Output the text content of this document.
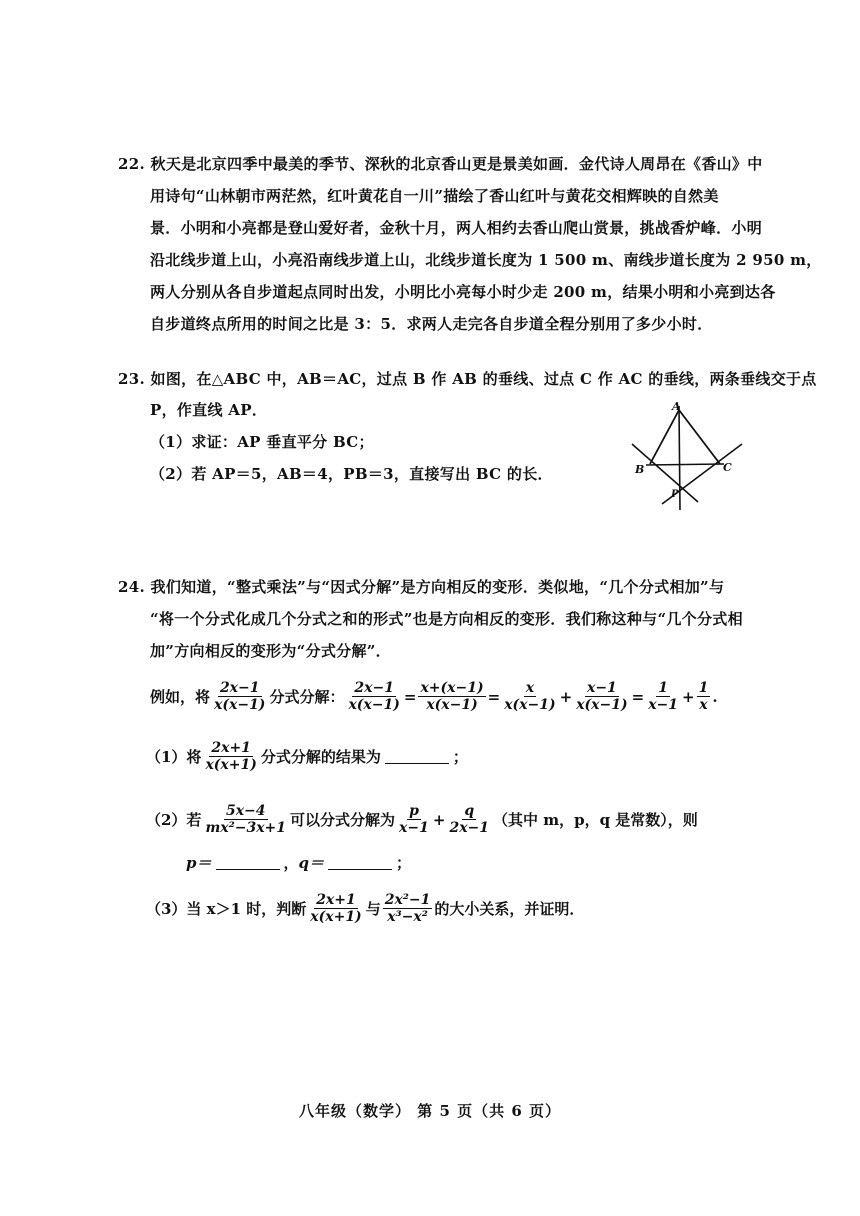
22. 秋天是北京四季中最美的季节、深秋的北京香山更是景美如画．金代诗人周昂在《香山》中
用诗句“山林朝市两茫然，红叶黄花自一川”描绘了香山红叶与黄花交相辉映的自然美
景．小明和小亮都是登山爱好者，金秋十月，两人相约去香山爬山赏景，挑战香炉峰．小明
沿北线步道上山，小亮沿南线步道上山，北线步道长度为 1 500 m、南线步道长度为 2 950 m，
两人分别从各自步道起点同时出发，小明比小亮每小时少走 200 m，结果小明和小亮到达各
自步道终点所用的时间之比是 3：5．求两人走完各自步道全程分别用了多少小时．
23. 如图，在△ABC 中，AB＝AC，过点 B 作 AB 的垂线、过点 C 作 AC 的垂线，两条垂线交于点
P，作直线 AP．
（1）求证：AP 垂直平分 BC；
（2）若 AP＝5，AB＝4，PB＝3，直接写出 BC 的长．
A
B	C
P
24. 我们知道，“整式乘法”与“因式分解”是方向相反的变形．类似地，“几个分式相加”与
“将一个分式化成几个分式之和的形式”也是方向相反的变形．我们称这种与“几个分式相
加”方向相反的变形为“分式分解”．
例如，将 $\frac{2x-1}{x(x-1)}$ 分式分解： $\frac{2x-1}{x(x-1)} = \frac{x+(x-1)}{x(x-1)} = \frac{x}{x(x-1)} + \frac{x-1}{x(x-1)} = \frac{1}{x-1} + \frac{1}{x}$ .
（1）将 $\frac{2x+1}{x(x+1)}$ 分式分解的结果为	；
（2）若 $\frac{5x-4}{\text{mx²−3x+1}}$ 可以分式分解为 $\frac{p}{x-1} + \frac{q}{2x-1}$ （其中 m，p，q 是常数），则
p＝	， q＝	；
（3）当 x＞1 时，判断 $\frac{2x+1}{x(x+1)}$ 与 $\frac{\text{2x²−1}}{\text{x³−x²}}$ 的大小关系，并证明．
八年级（数学） 第 5 页（共 6 页）
